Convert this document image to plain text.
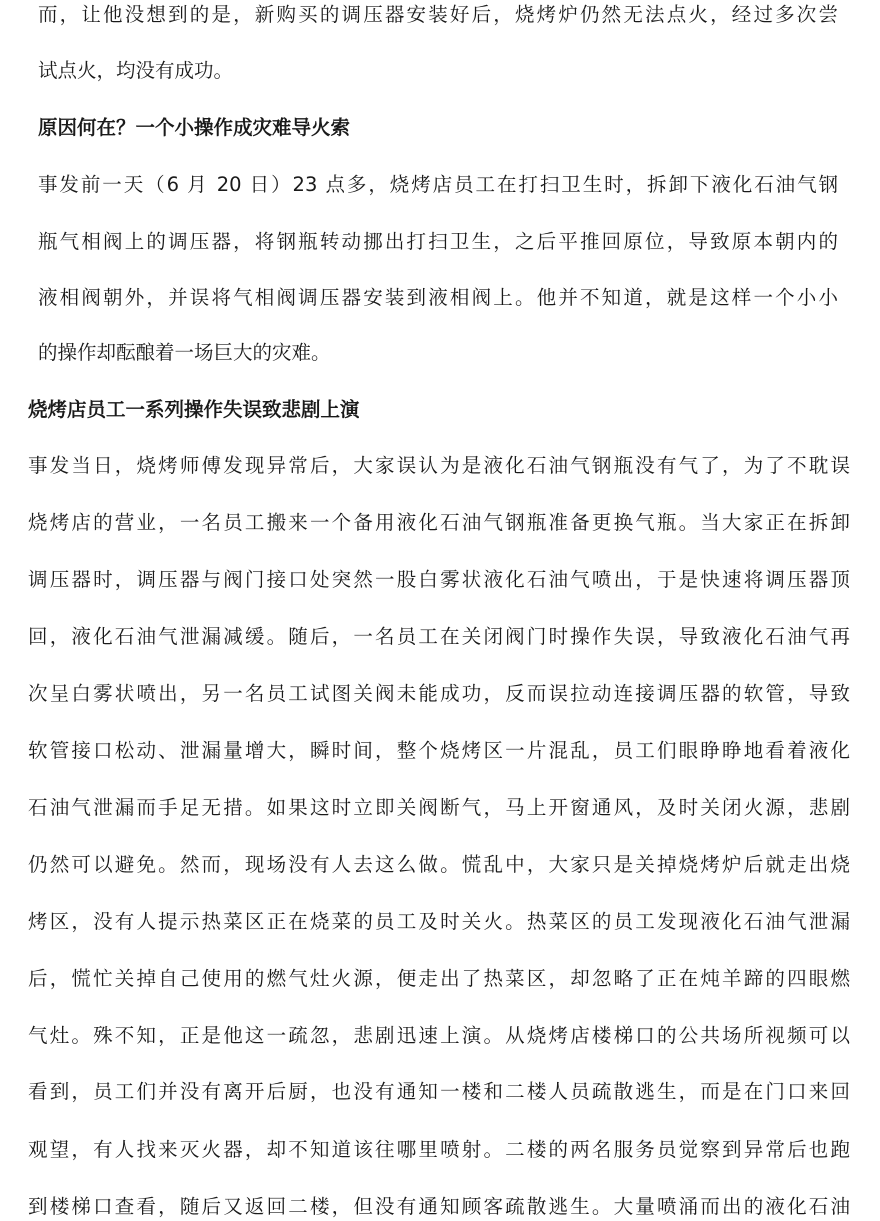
而，让他没想到的是，新购买的调压器安装好后，烧烤炉仍然无法点火，经过多次尝
试点火，均没有成功。
原因何在？一个小操作成灾难导火索
事发前一天（6 月 20 日）23 点多，烧烤店员工在打扫卫生时，拆卸下液化石油气钢
瓶气相阀上的调压器，将钢瓶转动挪出打扫卫生，之后平推回原位，导致原本朝内的
液相阀朝外，并误将气相阀调压器安装到液相阀上。他并不知道，就是这样一个小小
的操作却酝酿着一场巨大的灾难。
烧烤店员工一系列操作失误致悲剧上演
事发当日，烧烤师傅发现异常后，大家误认为是液化石油气钢瓶没有气了，为了不耽误
烧烤店的营业，一名员工搬来一个备用液化石油气钢瓶准备更换气瓶。当大家正在拆卸
调压器时，调压器与阀门接口处突然一股白雾状液化石油气喷出，于是快速将调压器顶
回，液化石油气泄漏减缓。随后，一名员工在关闭阀门时操作失误，导致液化石油气再
次呈白雾状喷出，另一名员工试图关阀未能成功，反而误拉动连接调压器的软管，导致
软管接口松动、泄漏量增大，瞬时间，整个烧烤区一片混乱，员工们眼睁睁地看着液化
石油气泄漏而手足无措。如果这时立即关阀断气，马上开窗通风，及时关闭火源，悲剧
仍然可以避免。然而，现场没有人去这么做。慌乱中，大家只是关掉烧烤炉后就走出烧
烤区，没有人提示热菜区正在烧菜的员工及时关火。热菜区的员工发现液化石油气泄漏
后，慌忙关掉自己使用的燃气灶火源，便走出了热菜区，却忽略了正在炖羊蹄的四眼燃
气灶。殊不知，正是他这一疏忽，悲剧迅速上演。从烧烤店楼梯口的公共场所视频可以
看到，员工们并没有离开后厨，也没有通知一楼和二楼人员疏散逃生，而是在门口来回
观望，有人找来灭火器，却不知道该往哪里喷射。二楼的两名服务员觉察到异常后也跑
到楼梯口查看，随后又返回二楼，但没有通知顾客疏散逃生。大量喷涌而出的液化石油
